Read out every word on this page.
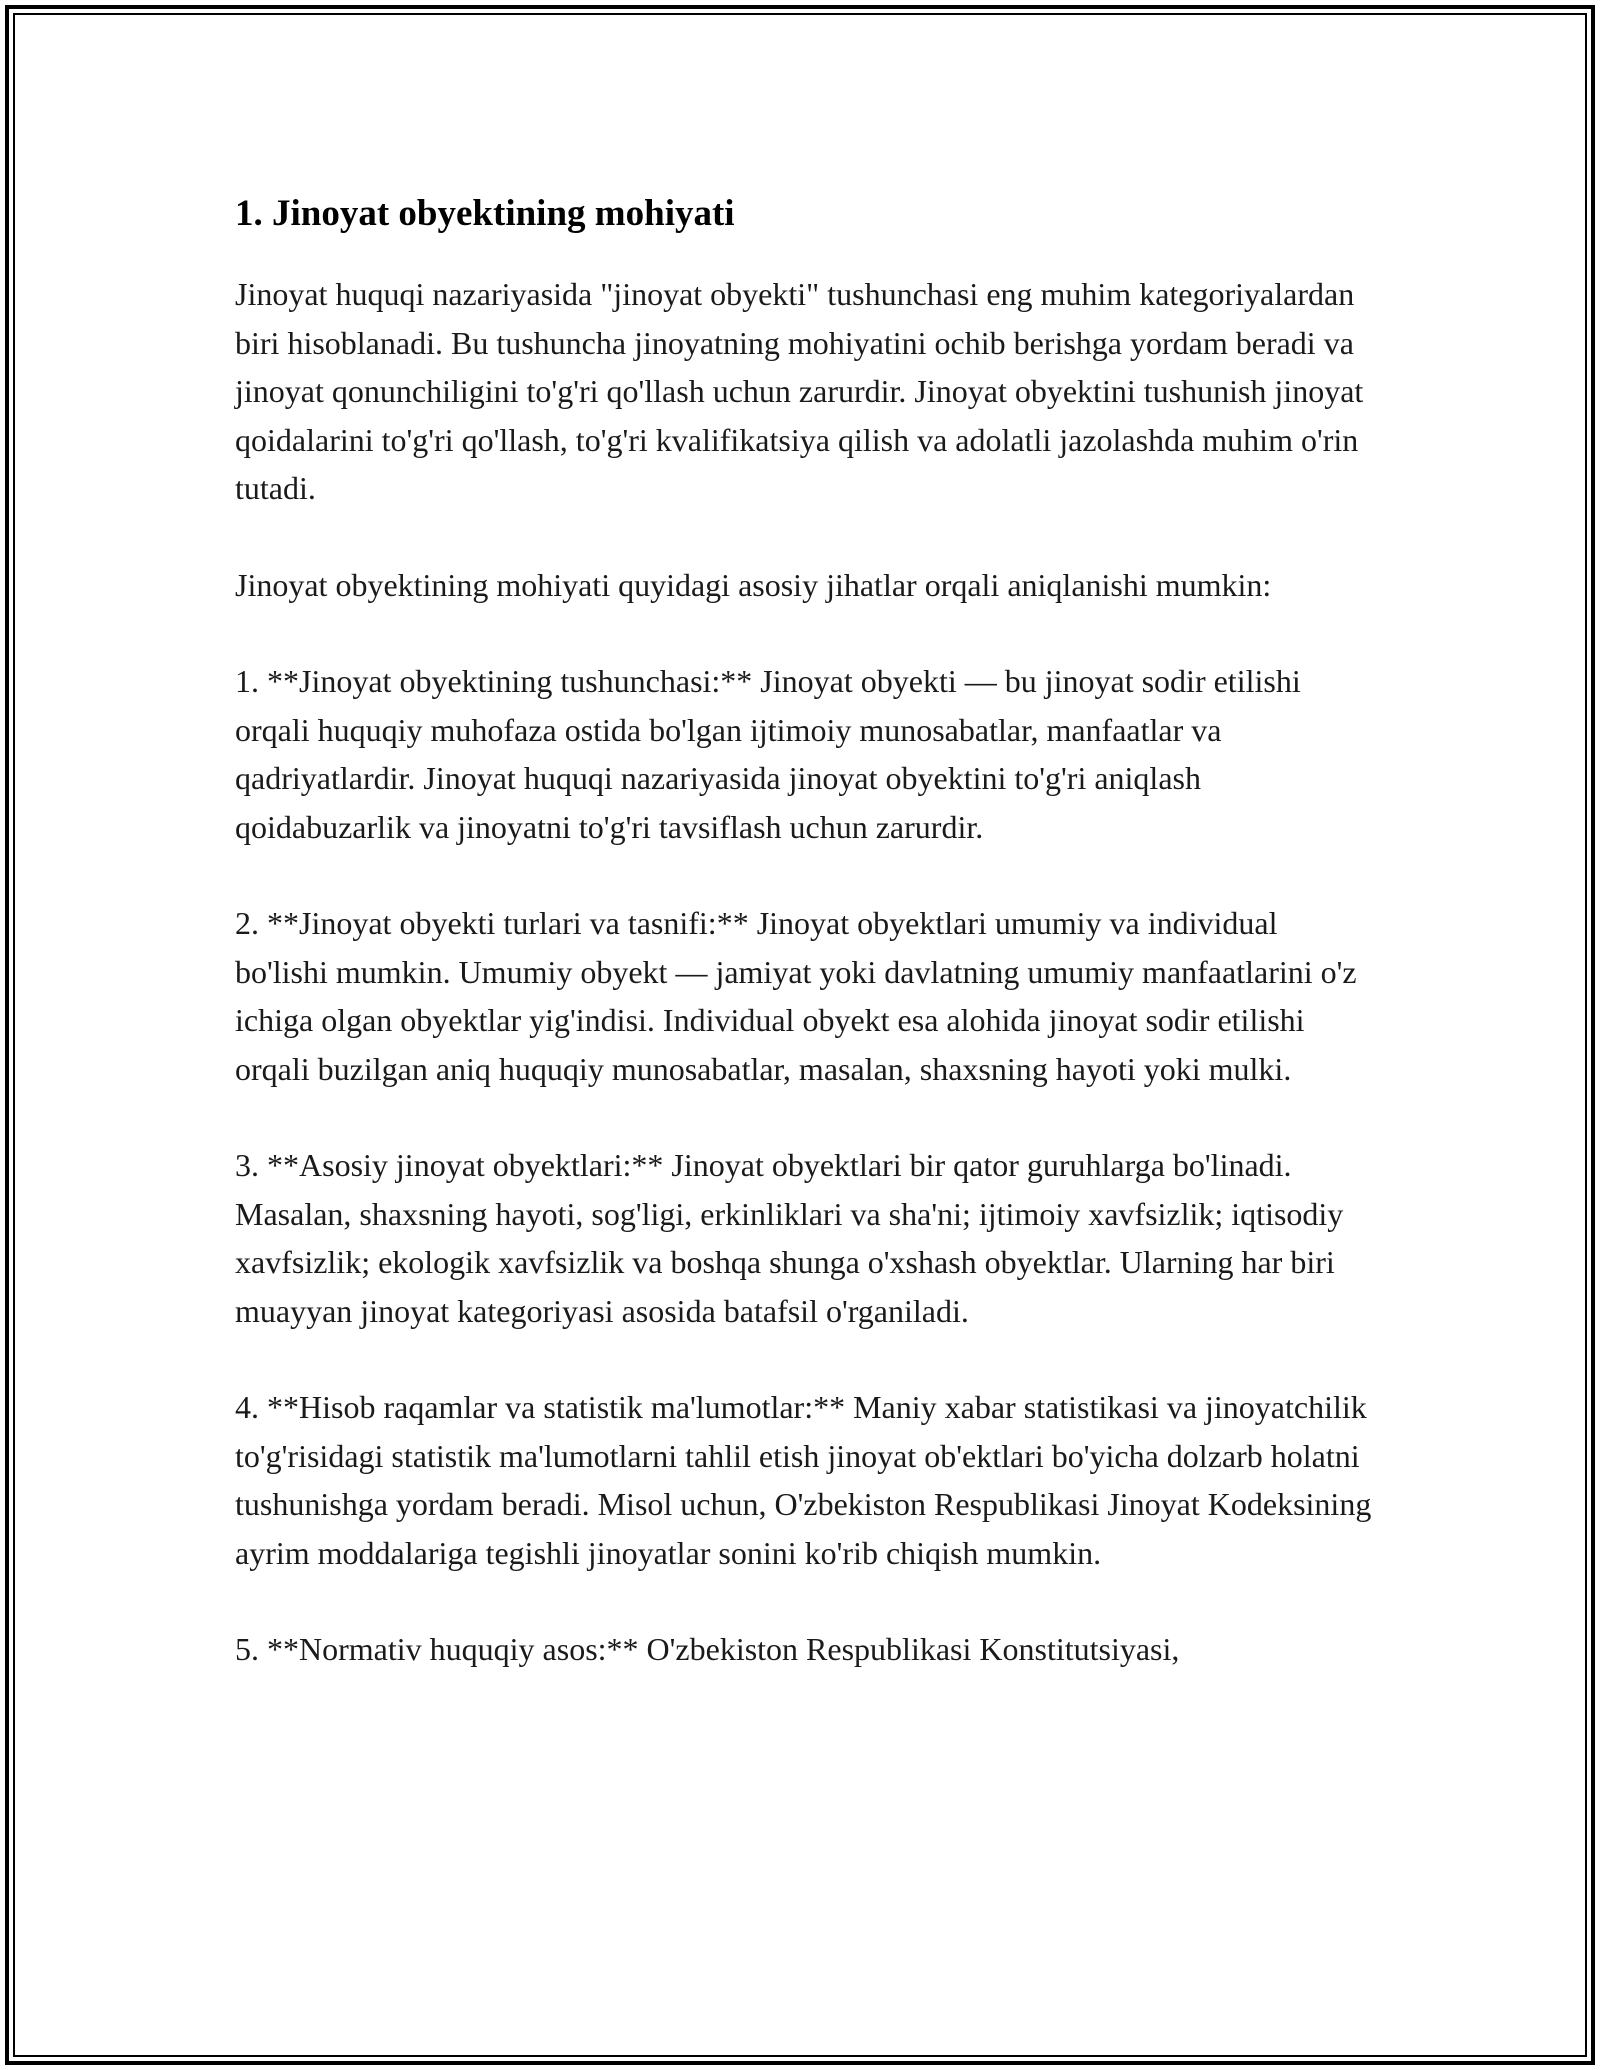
1. Jinoyat obyektining mohiyati

Jinoyat huquqi nazariyasida "jinoyat obyekti" tushunchasi eng muhim kategoriyalardan biri hisoblanadi. Bu tushuncha jinoyatning mohiyatini ochib berishga yordam beradi va jinoyat qonunchiligini to'g'ri qo'llash uchun zarurdir. Jinoyat obyektini tushunish jinoyat qoidalarini to'g'ri qo'llash, to'g'ri kvalifikatsiya qilish va adolatli jazolashda muhim o'rin tutadi.

Jinoyat obyektining mohiyati quyidagi asosiy jihatlar orqali aniqlanishi mumkin:

1. **Jinoyat obyektining tushunchasi:** Jinoyat obyekti — bu jinoyat sodir etilishi orqali huquqiy muhofaza ostida bo'lgan ijtimoiy munosabatlar, manfaatlar va qadriyatlardir. Jinoyat huquqi nazariyasida jinoyat obyektini to'g'ri aniqlash qoidabuzarlik va jinoyatni to'g'ri tavsiflash uchun zarurdir.

2. **Jinoyat obyekti turlari va tasnifi:** Jinoyat obyektlari umumiy va individual bo'lishi mumkin. Umumiy obyekt — jamiyat yoki davlatning umumiy manfaatlarini o'z ichiga olgan obyektlar yig'indisi. Individual obyekt esa alohida jinoyat sodir etilishi orqali buzilgan aniq huquqiy munosabatlar, masalan, shaxsning hayoti yoki mulki.

3. **Asosiy jinoyat obyektlari:** Jinoyat obyektlari bir qator guruhlarga bo'linadi. Masalan, shaxsning hayoti, sog'ligi, erkinliklari va sha'ni; ijtimoiy xavfsizlik; iqtisodiy xavfsizlik; ekologik xavfsizlik va boshqa shunga o'xshash obyektlar. Ularning har biri muayyan jinoyat kategoriyasi asosida batafsil o'rganiladi.

4. **Hisob raqamlar va statistik ma'lumotlar:** Maniy xabar statistikasi va jinoyatchilik to'g'risidagi statistik ma'lumotlarni tahlil etish jinoyat ob'ektlari bo'yicha dolzarb holatni tushunishga yordam beradi. Misol uchun, O'zbekiston Respublikasi Jinoyat Kodeksining ayrim moddalariga tegishli jinoyatlar sonini ko'rib chiqish mumkin.

5. **Normativ huquqiy asos:** O'zbekiston Respublikasi Konstitutsiyasi,
